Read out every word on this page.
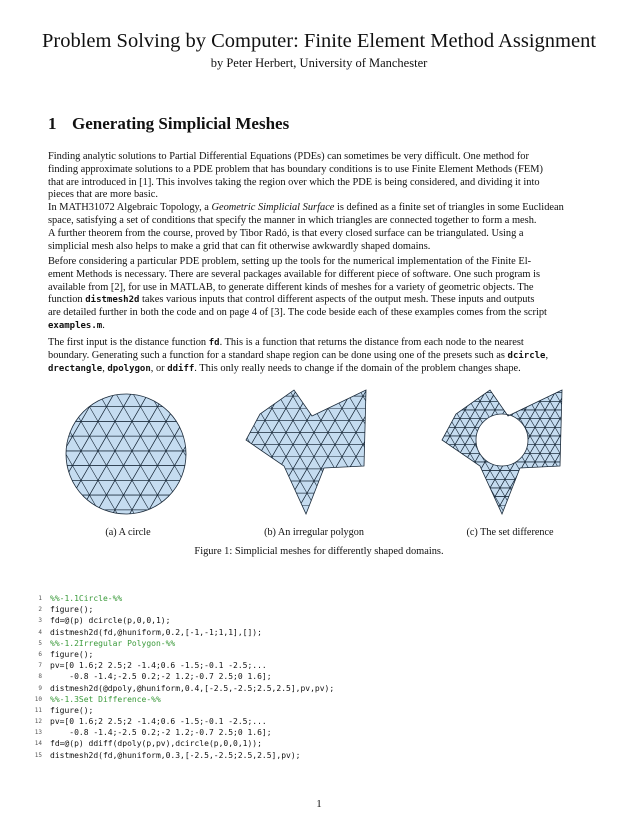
Problem Solving by Computer: Finite Element Method Assignment
by Peter Herbert, University of Manchester
1 Generating Simplicial Meshes

Finding analytic solutions to Partial Differential Equations (PDEs) can sometimes be very difficult. One method for

finding approximate solutions to a PDE problem that has boundary conditions is to use Finite Element Methods (FEM)

that are introduced in [1]. This involves taking the region over which the PDE is being considered, and dividing it into

pieces that are more basic.

In MATH31072 Algebraic Topology, a Geometric Simplicial Surface is defined as a finite set of triangles in some Euclidean

space, satisfying a set of conditions that specify the manner in which triangles are connected together to form a mesh.

A further theorem from the course, proved by Tibor Radó, is that every closed surface can be triangulated. Using a

simplicial mesh also helps to make a grid that can fit otherwise awkwardly shaped domains.

Before considering a particular PDE problem, setting up the tools for the numerical implementation of the Finite El-

ement Methods is necessary. There are several packages available for different piece of software. One such program is

available from [2], for use in MATLAB, to generate different kinds of meshes for a variety of geometric objects. The

function distmesh2d takes various inputs that control different aspects of the output mesh. These inputs and outputs

are detailed further in both the code and on page 4 of [3]. The code beside each of these examples comes from the script

examples.m.

The first input is the distance function fd. This is a function that returns the distance from each node to the nearest

boundary. Generating such a function for a standard shape region can be done using one of the presets such as dcircle,

drectangle, dpolygon, or ddiff. This only really needs to change if the domain of the problem changes shape.

(a) A circle	(b) An irregular polygon	(c) The set difference
Figure 1: Simplicial meshes for differently shaped domains.
1 %%-1.1Circle-%%
2 figure();
3 fd=@(p) dcircle(p,0,0,1);
4 distmesh2d(fd,@huniform,0.2,[-1,-1;1,1],[]);
5 %%-1.2Irregular Polygon-%%
6 figure();
7 pv=[0 1.6;2 2.5;2 -1.4;0.6 -1.5;-0.1 -2.5;...
8    -0.8 -1.4;-2.5 0.2;-2 1.2;-0.7 2.5;0 1.6];
9 distmesh2d(@dpoly,@huniform,0.4,[-2.5,-2.5;2.5,2.5],pv,pv);
10 %%-1.3Set Difference-%%
11 figure();
12 pv=[0 1.6;2 2.5;2 -1.4;0.6 -1.5;-0.1 -2.5;...
13    -0.8 -1.4;-2.5 0.2;-2 1.2;-0.7 2.5;0 1.6];
14 fd=@(p) ddiff(dpoly(p,pv),dcircle(p,0,0,1));
15 distmesh2d(fd,@huniform,0.3,[-2.5,-2.5;2.5,2.5],pv);
1
